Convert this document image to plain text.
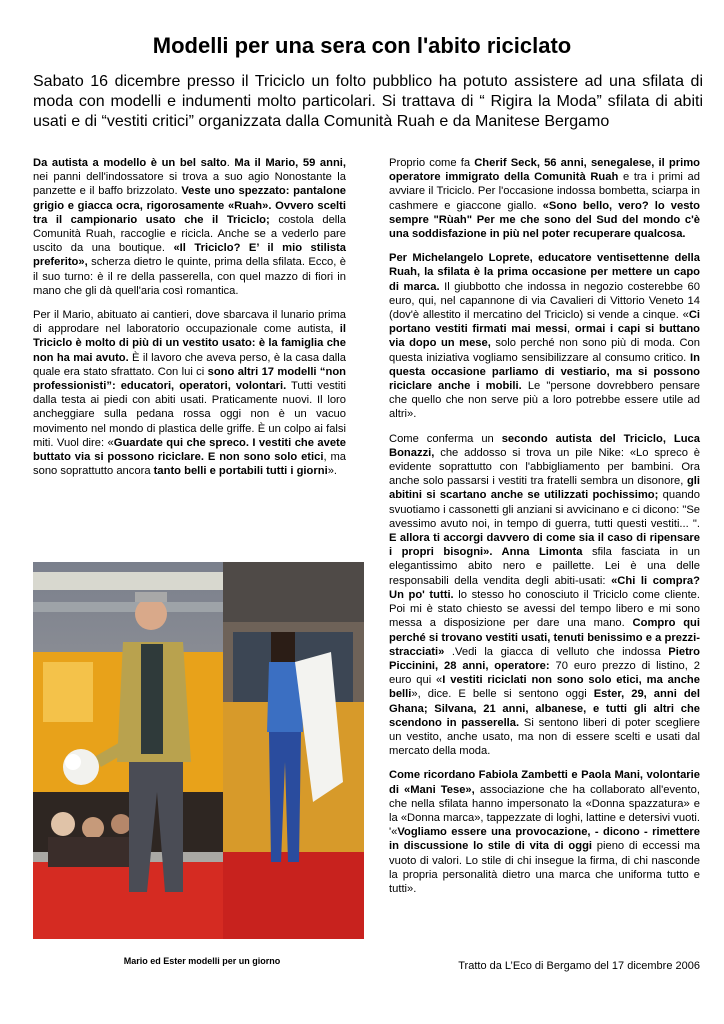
Modelli per una sera con l'abito riciclato

Sabato 16 dicembre presso il Triciclo un folto pubblico ha potuto assistere ad una sfilata di moda con modelli e indumenti molto particolari. Si trattava di “ Rigira la Moda” sfilata di abiti usati e di “vestiti critici” organizzata dalla Comunità Ruah e da Manitese Bergamo

Da autista a modello è un bel salto. Ma il Mario, 59 anni, nei panni dell'indossatore si trova a suo agio Nonostante la panzette e il baffo brizzolato. Veste uno spezzato: pantalone grigio e giacca ocra, rigorosamente «Ruah». Ovvero scelti tra il campionario usato che il Triciclo; costola della Comunità Ruah, raccoglie e ricicla. Anche se a vederlo pare uscito da una boutique. «Il Triciclo? E’ il mio stilista preferito», scherza dietro le quinte, prima della sfilata. Ecco, è il suo turno: è il re della passerella, con quel mazzo di fiori in mano che gli dà quell'aria così romantica.

Per il Mario, abituato ai cantieri, dove sbarcava il lunario prima di approdare nel laboratorio occupazionale come autista, il Triciclo è molto di più di un vestito usato: è la famiglia che non ha mai avuto. È il lavoro che aveva perso, è la casa dalla quale era stato sfrattato. Con lui ci sono altri 17 modelli “non professionisti”: educatori, operatori, volontari. Tutti vestiti dalla testa ai piedi con abiti usati. Praticamente nuovi. Il loro ancheggiare sulla pedana rossa oggi non è un vacuo movimento nel mondo di plastica delle griffe. È un colpo ai falsi miti. Vuol dire: «Guardate qui che spreco. I vestiti che avete buttato via si possono riciclare. E non sono solo etici, ma sono soprattutto ancora tanto belli e portabili tutti i giorni».

Proprio come fa Cherif Seck, 56 anni, senegalese, il primo operatore immigrato della Comunità Ruah e tra i primi ad avviare il Triciclo. Per l'occasione indossa bombetta, sciarpa in cashmere e giaccone giallo. «Sono bello, vero? lo vesto sempre "Rùah" Per me che sono del Sud del mondo c'è una soddisfazione in più nel poter recuperare qualcosa.

Per Michelangelo Loprete, educatore ventisettenne della Ruah, la sfilata è la prima occasione per mettere un capo di marca. Il giubbotto che indossa in negozio costerebbe 60 euro, qui, nel capannone di via Cavalieri di Vittorio Veneto 14 (dov'è allestito il mercatino del Triciclo) si vende a cinque. «Ci portano vestiti firmati mai messi, ormai i capi si buttano via dopo un mese, solo perché non sono più di moda. Con questa iniziativa vogliamo sensibilizzare al consumo critico. In questa occasione parliamo di vestiario, ma si possono riciclare anche i mobili. Le "persone dovrebbero pensare che quello che non serve più a loro potrebbe essere utile ad altri».

Come conferma un secondo autista del Triciclo, Luca Bonazzi, che addosso si trova un pile Nike: «Lo spreco è evidente soprattutto con l'abbigliamento per bambini. Ora anche solo passarsi i vestiti tra fratelli sembra un disonore, gli abitini si scartano anche se utilizzati pochissimo; quando svuotiamo i cassonetti gli anziani si avvicinano e ci dicono: "Se avessimo avuto noi, in tempo di guerra, tutti questi vestiti... ". E allora ti accorgi davvero di come sia il caso di ripensare i propri bisogni». Anna Limonta sfila fasciata in un elegantissimo abito nero e paillette. Lei è una delle responsabili della vendita degli abiti-usati: «Chi li compra? Un po' tutti. lo stesso ho conosciuto il Triciclo come cliente. Poi mi è stato chiesto se avessi del tempo libero e mi sono messa a disposizione per dare una mano. Compro qui perché si trovano vestiti usati, tenuti benissimo e a prezzi-stracciati» .Vedi la giacca di velluto che indossa Pietro Piccinini, 28 anni, operatore: 70 euro prezzo di listino, 2 euro qui «I vestiti riciclati non sono solo etici, ma anche belli», dice. E belle si sentono oggi Ester, 29, anni del Ghana; Silvana, 21 anni, albanese, e tutti gli altri che scendono in passerella. Si sentono liberi di poter scegliere un vestito, anche usato, ma non di essere scelti e usati dal mercato della moda.

Come ricordano Fabiola Zambetti e Paola Mani, volontarie di «Mani Tese», associazione che ha collaborato all'evento, che nella sfilata hanno impersonato la «Donna spazzatura» e la «Donna marca», tappezzate di loghi, lattine e detersivi vuoti. '«Vogliamo essere una provocazione, - dicono - rimettere in discussione lo stile di vita di oggi pieno di eccessi ma vuoto di valori. Lo stile di chi insegue la firma, di chi nasconde la propria personalità dietro una marca che uniforma tutto e tutti».

Mario ed Ester modelli per un giorno	Tratto da L’Eco di Bergamo del 17 dicembre 2006
